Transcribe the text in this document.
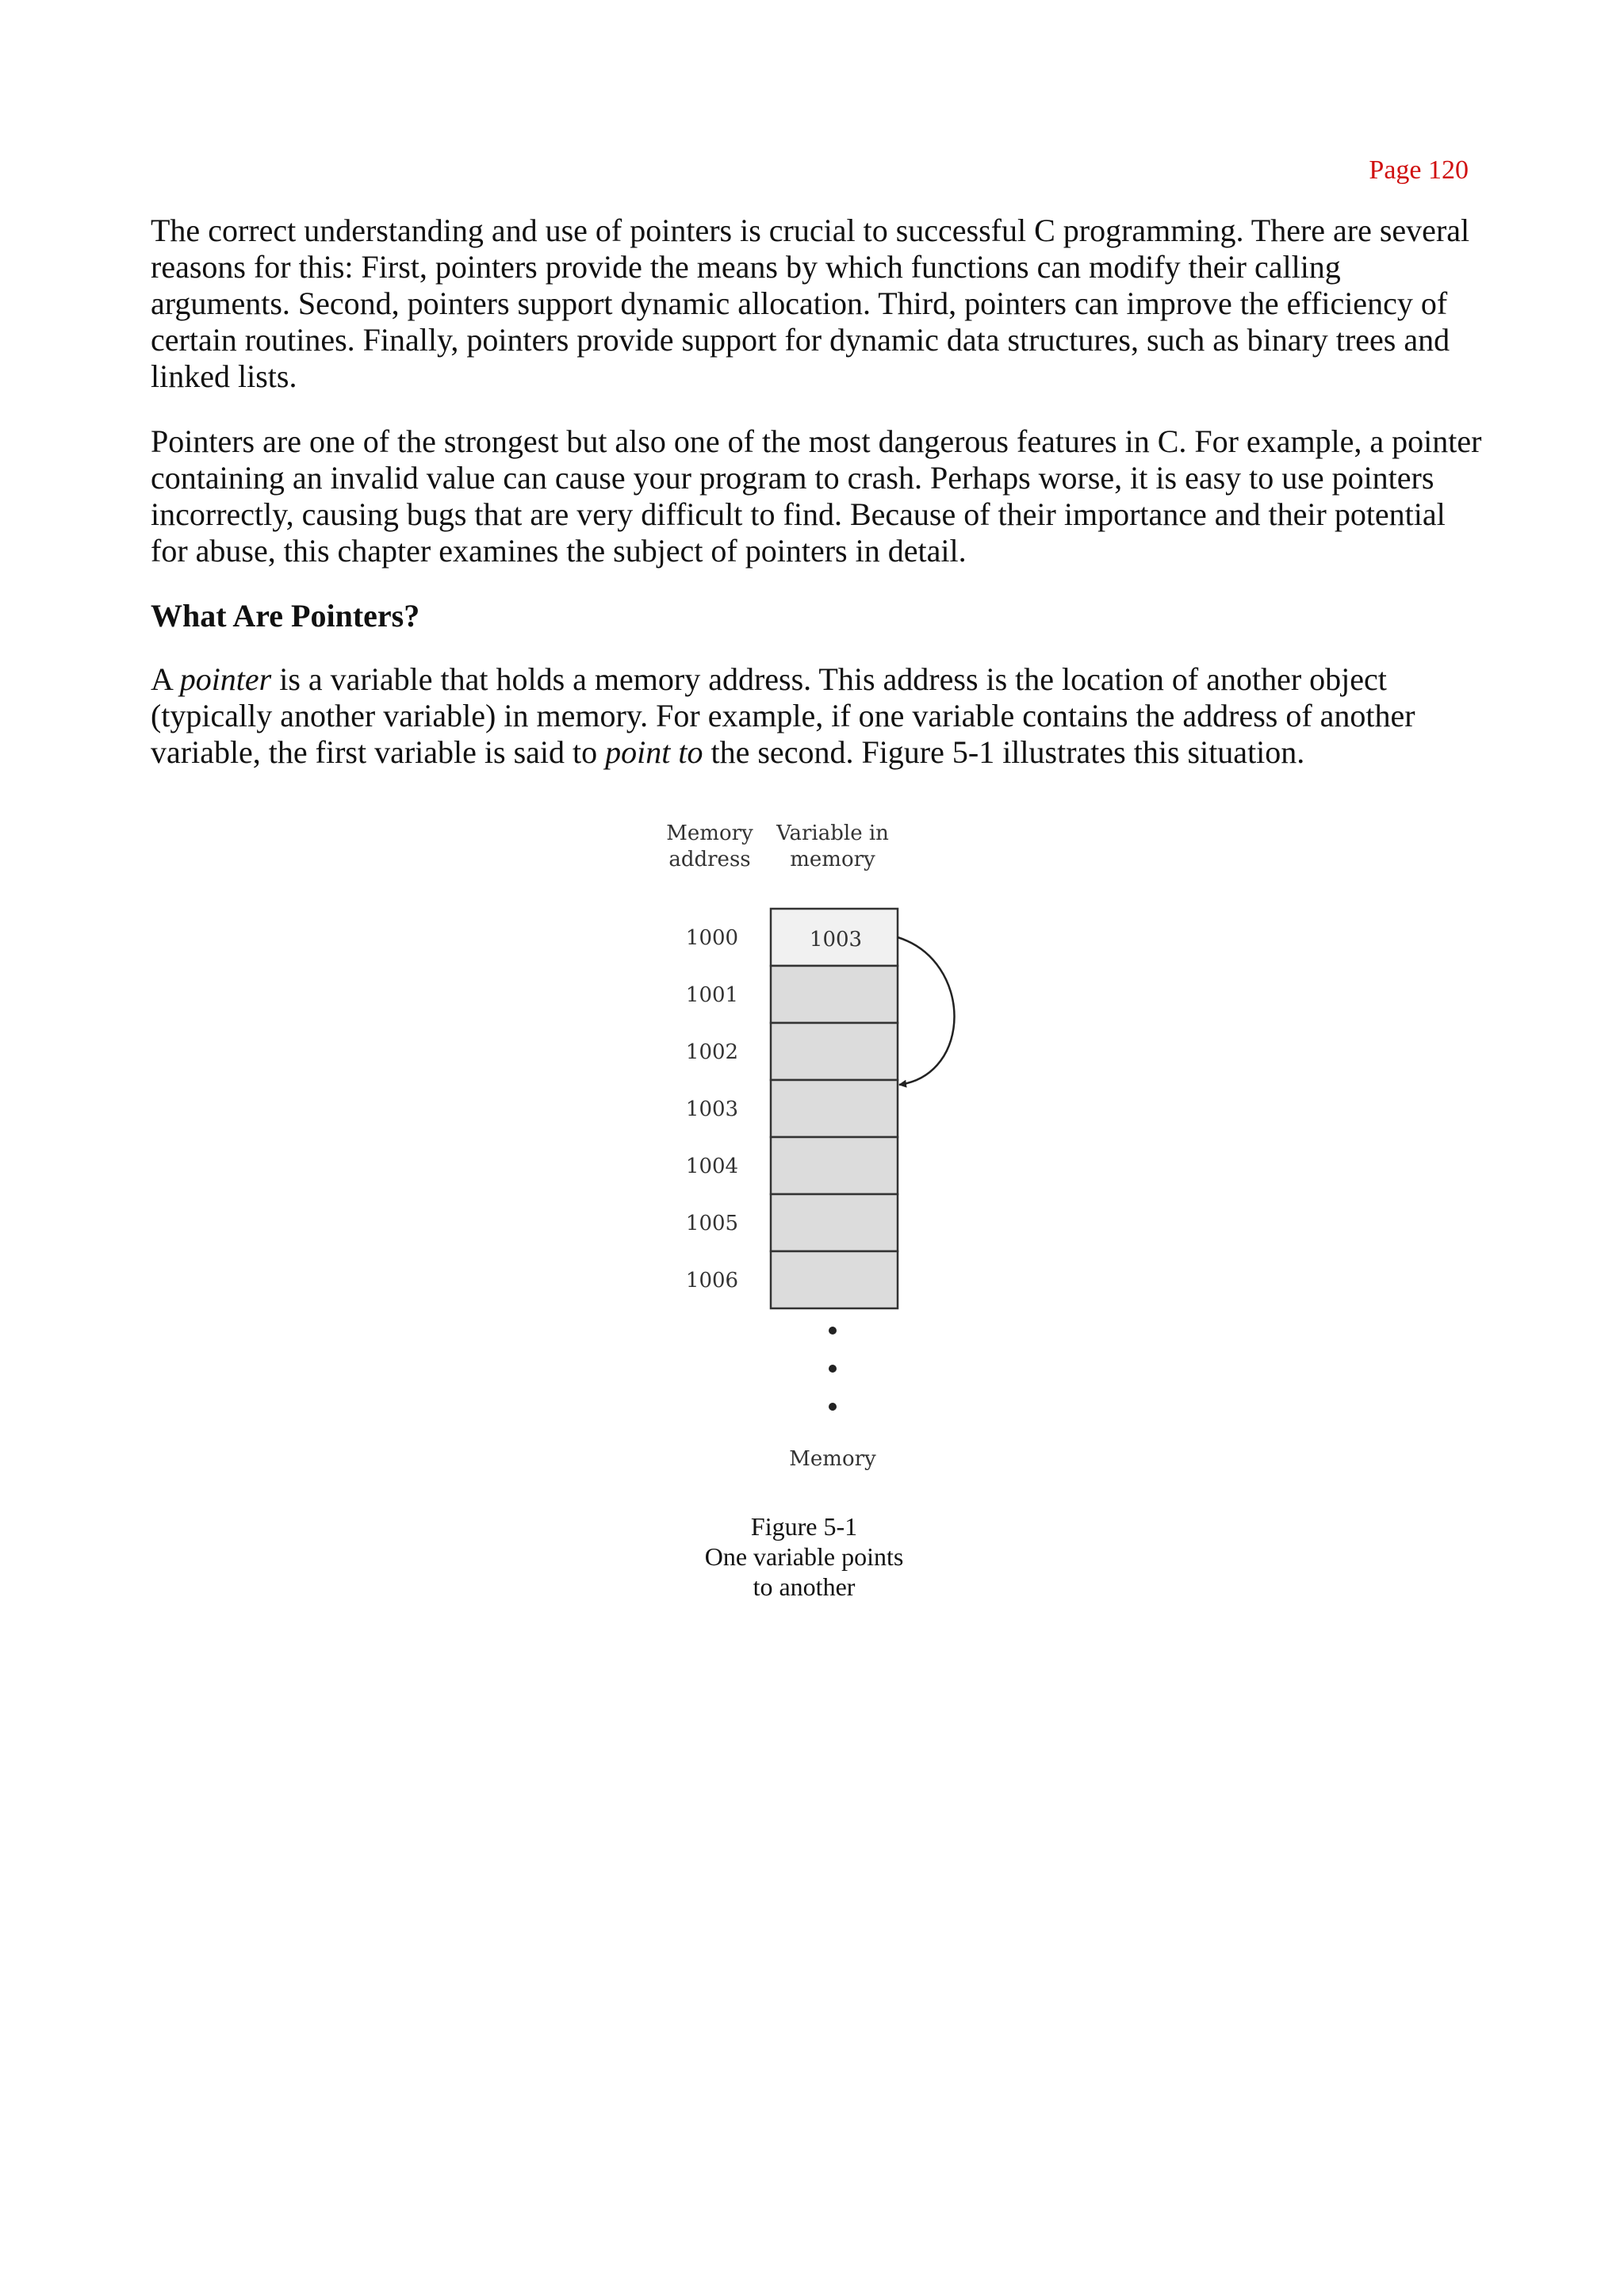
Page 120

The correct understanding and use of pointers is crucial to successful C programming. There are several reasons for this: First, pointers provide the means by which functions can modify their calling arguments. Second, pointers support dynamic allocation. Third, pointers can improve the efficiency of certain routines. Finally, pointers provide support for dynamic data structures, such as binary trees and linked lists.

Pointers are one of the strongest but also one of the most dangerous features in C. For example, a pointer containing an invalid value can cause your program to crash. Perhaps worse, it is easy to use pointers incorrectly, causing bugs that are very difficult to find. Because of their importance and their potential for abuse, this chapter examines the subject of pointers in detail.

What Are Pointers?

A pointer is a variable that holds a memory address. This address is the location of another object (typically another variable) in memory. For example, if one variable contains the address of another variable, the first variable is said to point to the second. Figure 5-1 illustrates this situation.

Memory
address
Variable in
memory
1000	1003
1001
1002
1003
1004
1005
1006
Memory
Figure 5-1
One variable points
to another
